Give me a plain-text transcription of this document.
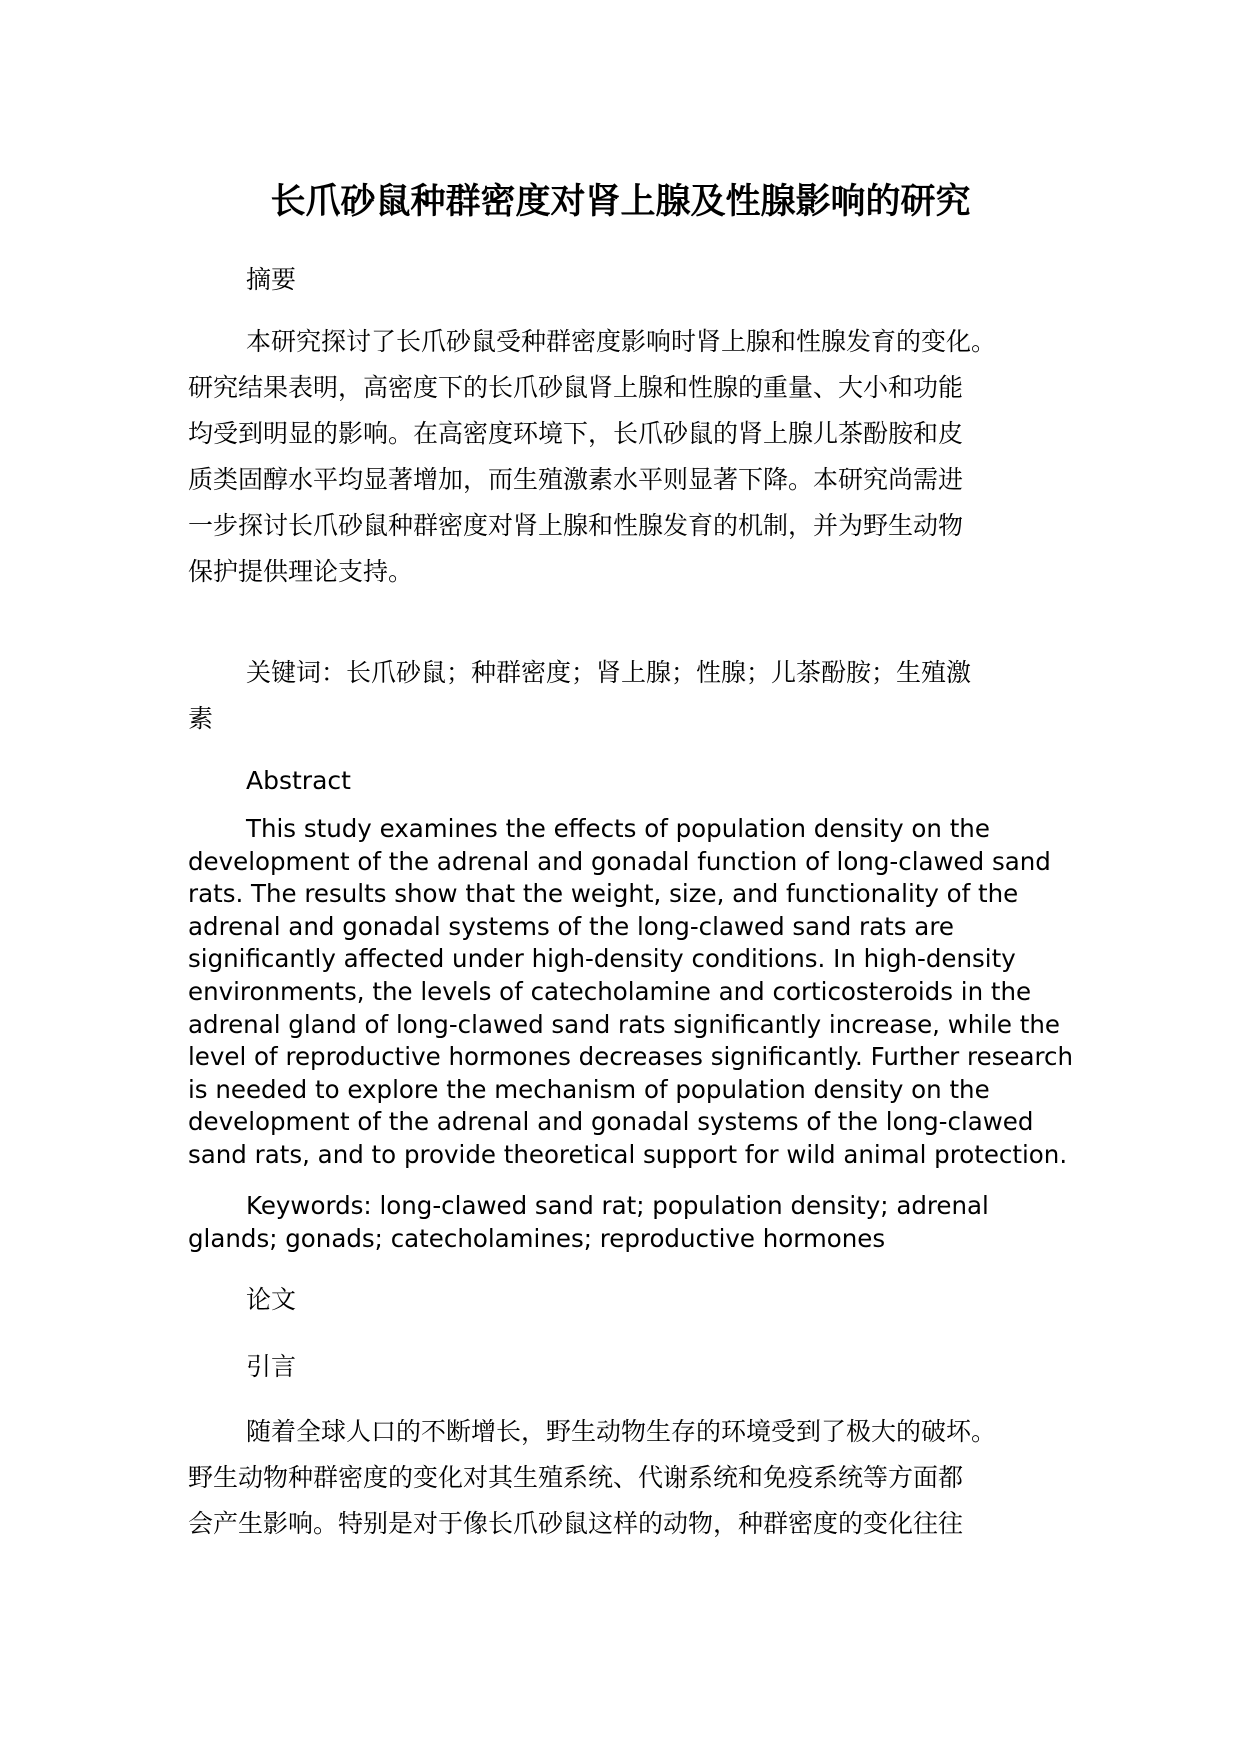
长爪砂鼠种群密度对肾上腺及性腺影响的研究
摘要
本研究探讨了长爪砂鼠受种群密度影响时肾上腺和性腺发育的变化。
研究结果表明，高密度下的长爪砂鼠肾上腺和性腺的重量、大小和功能
均受到明显的影响。在高密度环境下，长爪砂鼠的肾上腺儿茶酚胺和皮
质类固醇水平均显著增加，而生殖激素水平则显著下降。本研究尚需进
一步探讨长爪砂鼠种群密度对肾上腺和性腺发育的机制，并为野生动物
保护提供理论支持。
关键词：长爪砂鼠；种群密度；肾上腺；性腺；儿茶酚胺；生殖激
素
Abstract
This study examines the effects of population density on the
development of the adrenal and gonadal function of long-clawed sand
rats. The results show that the weight, size, and functionality of the
adrenal and gonadal systems of the long-clawed sand rats are
significantly affected under high-density conditions. In high-density
environments, the levels of catecholamine and corticosteroids in the
adrenal gland of long-clawed sand rats significantly increase, while the
level of reproductive hormones decreases significantly. Further research
is needed to explore the mechanism of population density on the
development of the adrenal and gonadal systems of the long-clawed
sand rats, and to provide theoretical support for wild animal protection.
Keywords: long-clawed sand rat; population density; adrenal
glands; gonads; catecholamines; reproductive hormones
论文
引言
随着全球人口的不断增长，野生动物生存的环境受到了极大的破坏。
野生动物种群密度的变化对其生殖系统、代谢系统和免疫系统等方面都
会产生影响。特别是对于像长爪砂鼠这样的动物，种群密度的变化往往
